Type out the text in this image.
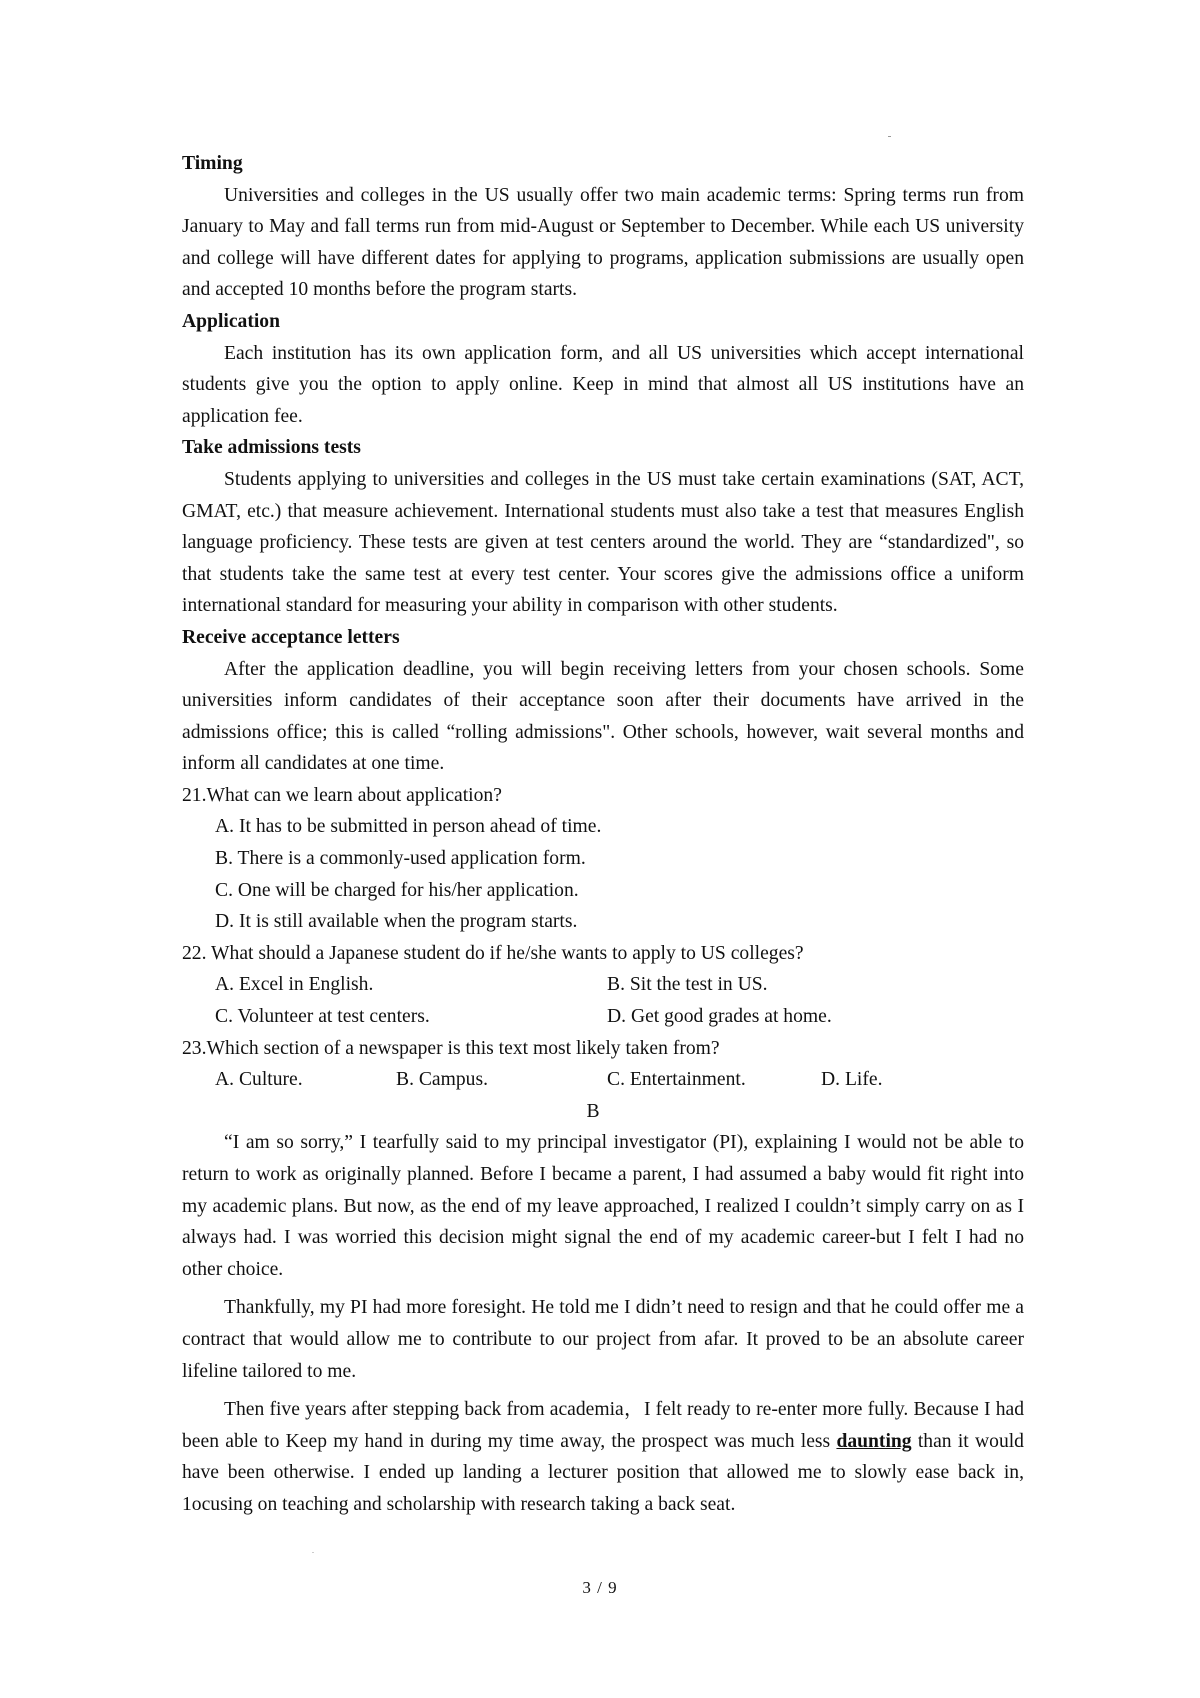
Timing

Universities and colleges in the US usually offer two main academic terms: Spring terms run from January to May and fall terms run from mid-August or September to December. While each US university and college will have different dates for applying to programs, application submissions are usually open and accepted 10 months before the program starts.

Application

Each institution has its own application form, and all US universities which accept international students give you the option to apply online. Keep in mind that almost all US institutions have an application fee.

Take admissions tests

Students applying to universities and colleges in the US must take certain examinations (SAT, ACT, GMAT, etc.) that measure achievement. International students must also take a test that measures English language proficiency. These tests are given at test centers around the world. They are “standardized", so that students take the same test at every test center. Your scores give the admissions office a uniform international standard for measuring your ability in comparison with other students.

Receive acceptance letters

After the application deadline, you will begin receiving letters from your chosen schools. Some universities inform candidates of their acceptance soon after their documents have arrived in the admissions office; this is called “rolling admissions". Other schools, however, wait several months and inform all candidates at one time.

21.What can we learn about application?

A. It has to be submitted in person ahead of time.

B. There is a commonly-used application form.

C. One will be charged for his/her application.

D. It is still available when the program starts.

22. What should a Japanese student do if he/she wants to apply to US colleges?

A. Excel in English.	B. Sit the test in US.
C. Volunteer at test centers.	D. Get good grades at home.

23.Which section of a newspaper is this text most likely taken from?

A. Culture.	B. Campus.	C. Entertainment.	D. Life.

B

“I am so sorry,” I tearfully said to my principal investigator (PI), explaining I would not be able to return to work as originally planned. Before I became a parent, I had assumed a baby would fit right into my academic plans. But now, as the end of my leave approached, I realized I couldn’t simply carry on as I always had. I was worried this decision might signal the end of my academic career-but I felt I had no other choice.

Thankfully, my PI had more foresight. He told me I didn’t need to resign and that he could offer me a contract that would allow me to contribute to our project from afar. It proved to be an absolute career lifeline tailored to me.

Then five years after stepping back from academia，I felt ready to re-enter more fully. Because I had been able to Keep my hand in during my time away, the prospect was much less daunting than it would have been otherwise. I ended up landing a lecturer position that allowed me to slowly ease back in, 1ocusing on teaching and scholarship with research taking a back seat.

3 / 9
